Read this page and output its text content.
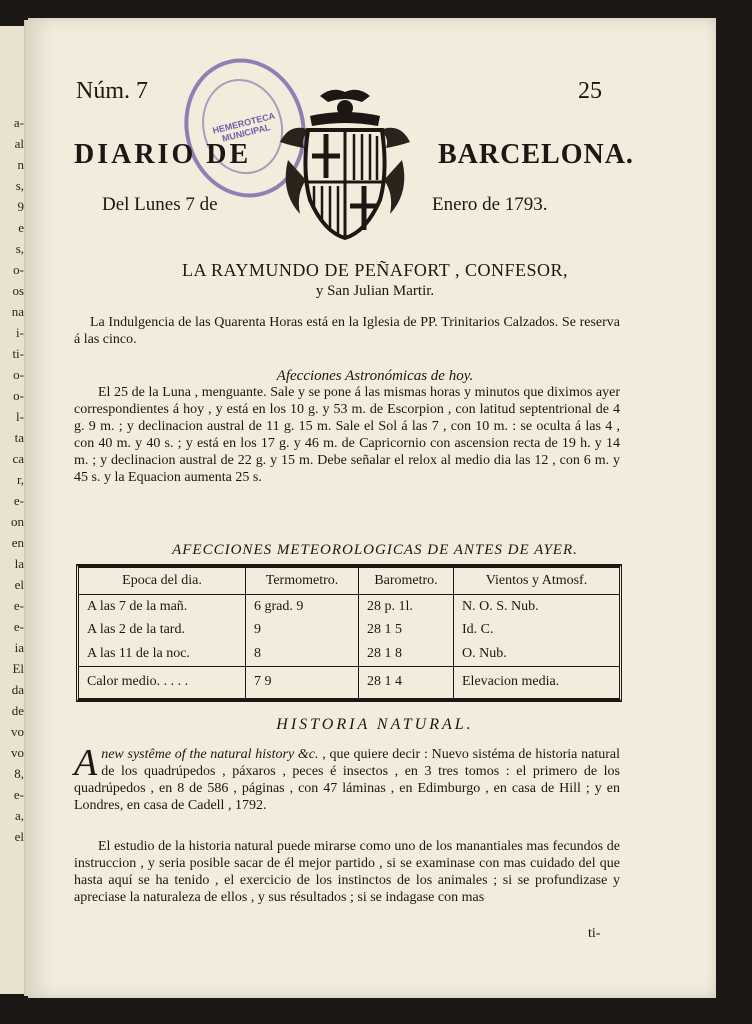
a-
al
n
s,
9
e
s,
o-
os
na
i-
ti-
o-
o-
l-
ta
ca
r,
e-
on
en
la
el
e-
e-
ia
El
da
de
vo
vo
8,
e-
a,
el
Núm. 7	25
HEMEROTECA MUNICIPAL
DIARIO DE	BARCELONA.
Del Lunes 7 de	Enero de 1793.
LA RAYMUNDO DE PEÑAFORT , CONFESOR,
y San Julian Martir.

La Indulgencia de las Quarenta Horas está en la Iglesia de PP. Trinitarios Calzados. Se reserva á las cinco.

Afecciones Astronómicas de hoy.

El 25 de la Luna , menguante. Sale y se pone á las mismas horas y minutos que diximos ayer correspondientes á hoy , y está en los 10 g. y 53 m. de Escorpion , con latitud septentrional de 4 g. 9 m. ; y declinacion austral de 11 g. 15 m. Sale el Sol á las 7 , con 10 m. : se oculta á las 4 , con 40 m. y 40 s. ; y está en los 17 g. y 46 m. de Capricornio con ascension recta de 19 h. y 14 m. ; y declinacion austral de 22 g. y 15 m. Debe señalar el relox al medio dia las 12 , con 6 m. y 45 s. y la Equacion aumenta 25 s.

AFECCIONES METEOROLOGICAS DE ANTES DE AYER.
Epoca del dia.	Termometro.	Barometro.	Vientos y Atmosf.
A las 7 de la mañ.	6 grad. 9	28 p. 1l.	N. O. S. Nub.
A las 2 de la tard.	9	28 1 5	Id. C.
A las 11 de la noc.	8	28 1 8	O. Nub.
Calor medio. . . . .	7 9	28 1 4	Elevacion media.
HISTORIA NATURAL.

Anew systême of the natural history &c. , que quiere decir : Nuevo sistéma de historia natural de los quadrúpedos , páxaros , peces é insectos , en 3 tres tomos : el primero de los quadrúpedos , en 8 de 586 , páginas , con 47 láminas , en Edimburgo , en casa de Hill ; y en Londres, en casa de Cadell , 1792.

El estudio de la historia natural puede mirarse como uno de los manantiales mas fecundos de instruccion , y seria posible sacar de él mejor partido , si se examinase con mas cuidado del que hasta aquí se ha tenido , el exercicio de los instinctos de los animales ; si se profundizase y apreciase la naturaleza de ellos , y sus résultados ; si se indagase con mas

ti-
